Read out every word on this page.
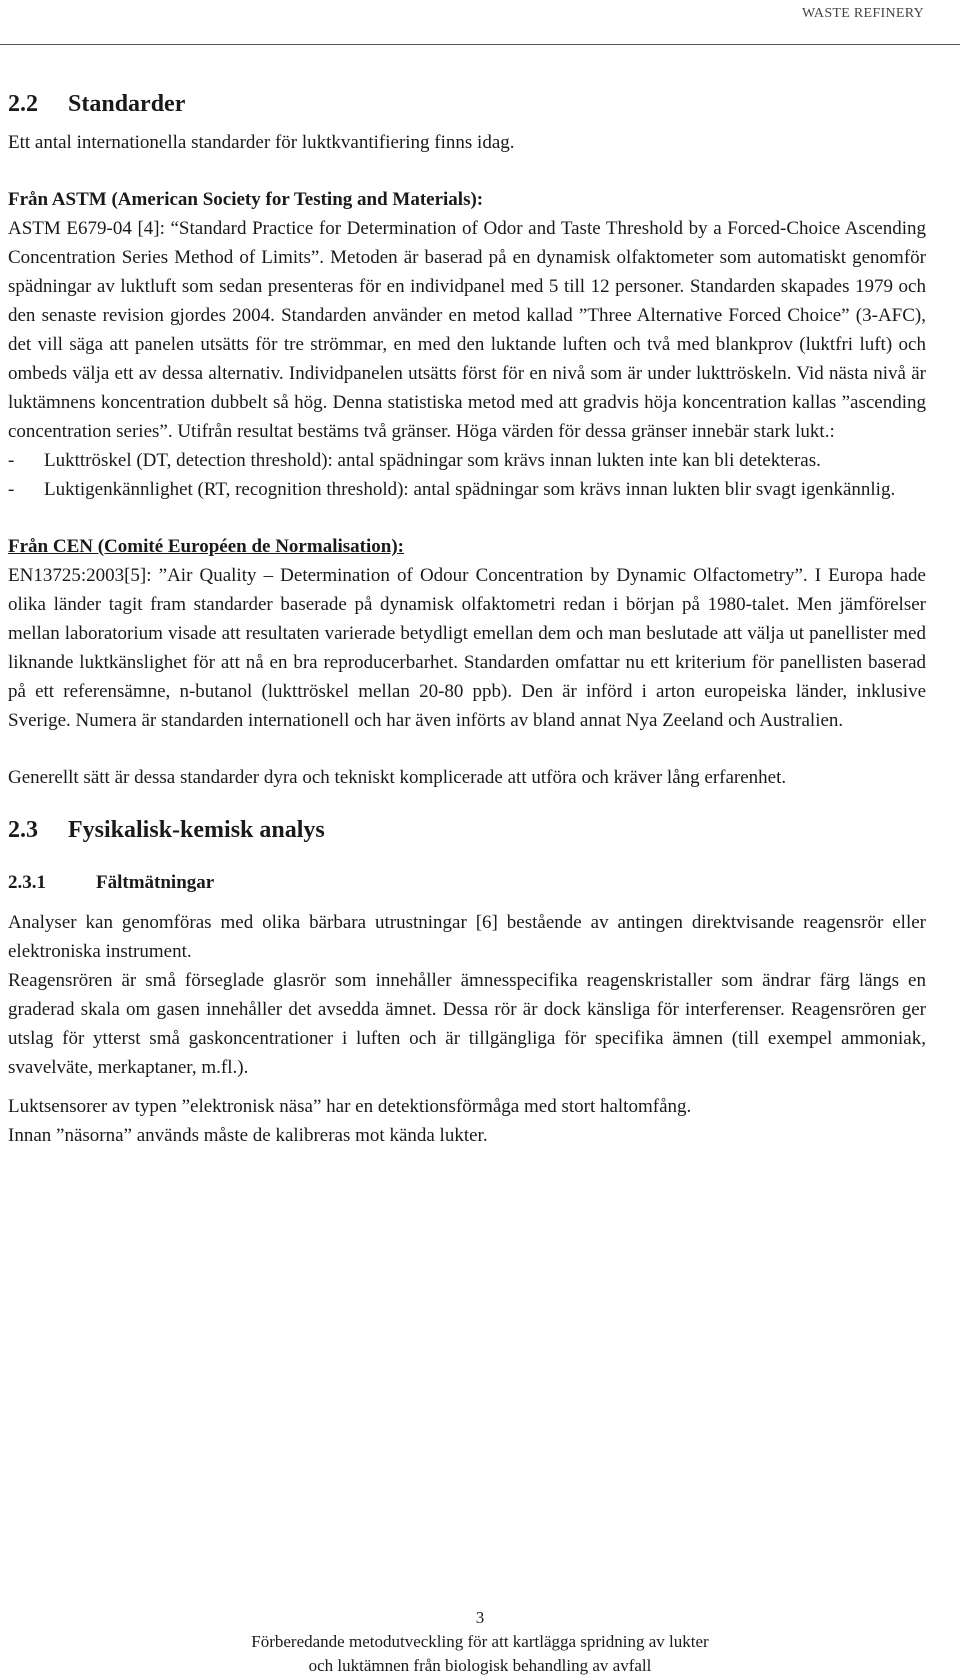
WASTE REFINERY
2.2 Standarder

Ett antal internationella standarder för luktkvantifiering finns idag.

Från ASTM (American Society for Testing and Materials):

ASTM E679-04 [4]: “Standard Practice for Determination of Odor and Taste Threshold by a Forced-Choice Ascending Concentration Series Method of Limits”. Metoden är baserad på en dynamisk olfaktometer som automatiskt genomför spädningar av luktluft som sedan presenteras för en individpanel med 5 till 12 personer. Standarden skapades 1979 och den senaste revision gjordes 2004. Standarden använder en metod kallad ”Three Alternative Forced Choice” (3-AFC), det vill säga att panelen utsätts för tre strömmar, en med den luktande luften och två med blankprov (luktfri luft) och ombeds välja ett av dessa alternativ. Individpanelen utsätts först för en nivå som är under lukttröskeln. Vid nästa nivå är luktämnens koncentration dubbelt så hög. Denna statistiska metod med att gradvis höja koncentration kallas ”ascending concentration series”. Utifrån resultat bestäms två gränser. Höga värden för dessa gränser innebär stark lukt.:

-	Lukttröskel (DT, detection threshold): antal spädningar som krävs innan lukten inte kan bli detekteras.
-	Luktigenkännlighet (RT, recognition threshold): antal spädningar som krävs innan lukten blir svagt igenkännlig.
Från CEN (Comité Européen de Normalisation):

EN13725:2003[5]: ”Air Quality – Determination of Odour Concentration by Dynamic Olfactometry”. I Europa hade olika länder tagit fram standarder baserade på dynamisk olfaktometri redan i början på 1980-talet. Men jämförelser mellan laboratorium visade att resultaten varierade betydligt emellan dem och man beslutade att välja ut panellister med liknande luktkänslighet för att nå en bra reproducerbarhet. Standarden omfattar nu ett kriterium för panellisten baserad på ett referensämne, n-butanol (lukttröskel mellan 20-80 ppb). Den är införd i arton europeiska länder, inklusive Sverige. Numera är standarden internationell och har även införts av bland annat Nya Zeeland och Australien.

Generellt sätt är dessa standarder dyra och tekniskt komplicerade att utföra och kräver lång erfarenhet.

2.3 Fysikalisk-kemisk analys
2.3.1	Fältmätningar

Analyser kan genomföras med olika bärbara utrustningar [6] bestående av antingen direktvisande reagensrör eller elektroniska instrument.

Reagensrören är små förseglade glasrör som innehåller ämnesspecifika reagenskristaller som ändrar färg längs en graderad skala om gasen innehåller det avsedda ämnet. Dessa rör är dock känsliga för interferenser. Reagensrören ger utslag för ytterst små gaskoncentrationer i luften och är tillgängliga för specifika ämnen (till exempel ammoniak, svavelväte, merkaptaner, m.fl.).

Luktsensorer av typen ”elektronisk näsa” har en detektionsförmåga med stort haltomfång.

Innan ”näsorna” används måste de kalibreras mot kända lukter.

3
Förberedande metodutveckling för att kartlägga spridning av lukter
och luktämnen från biologisk behandling av avfall
